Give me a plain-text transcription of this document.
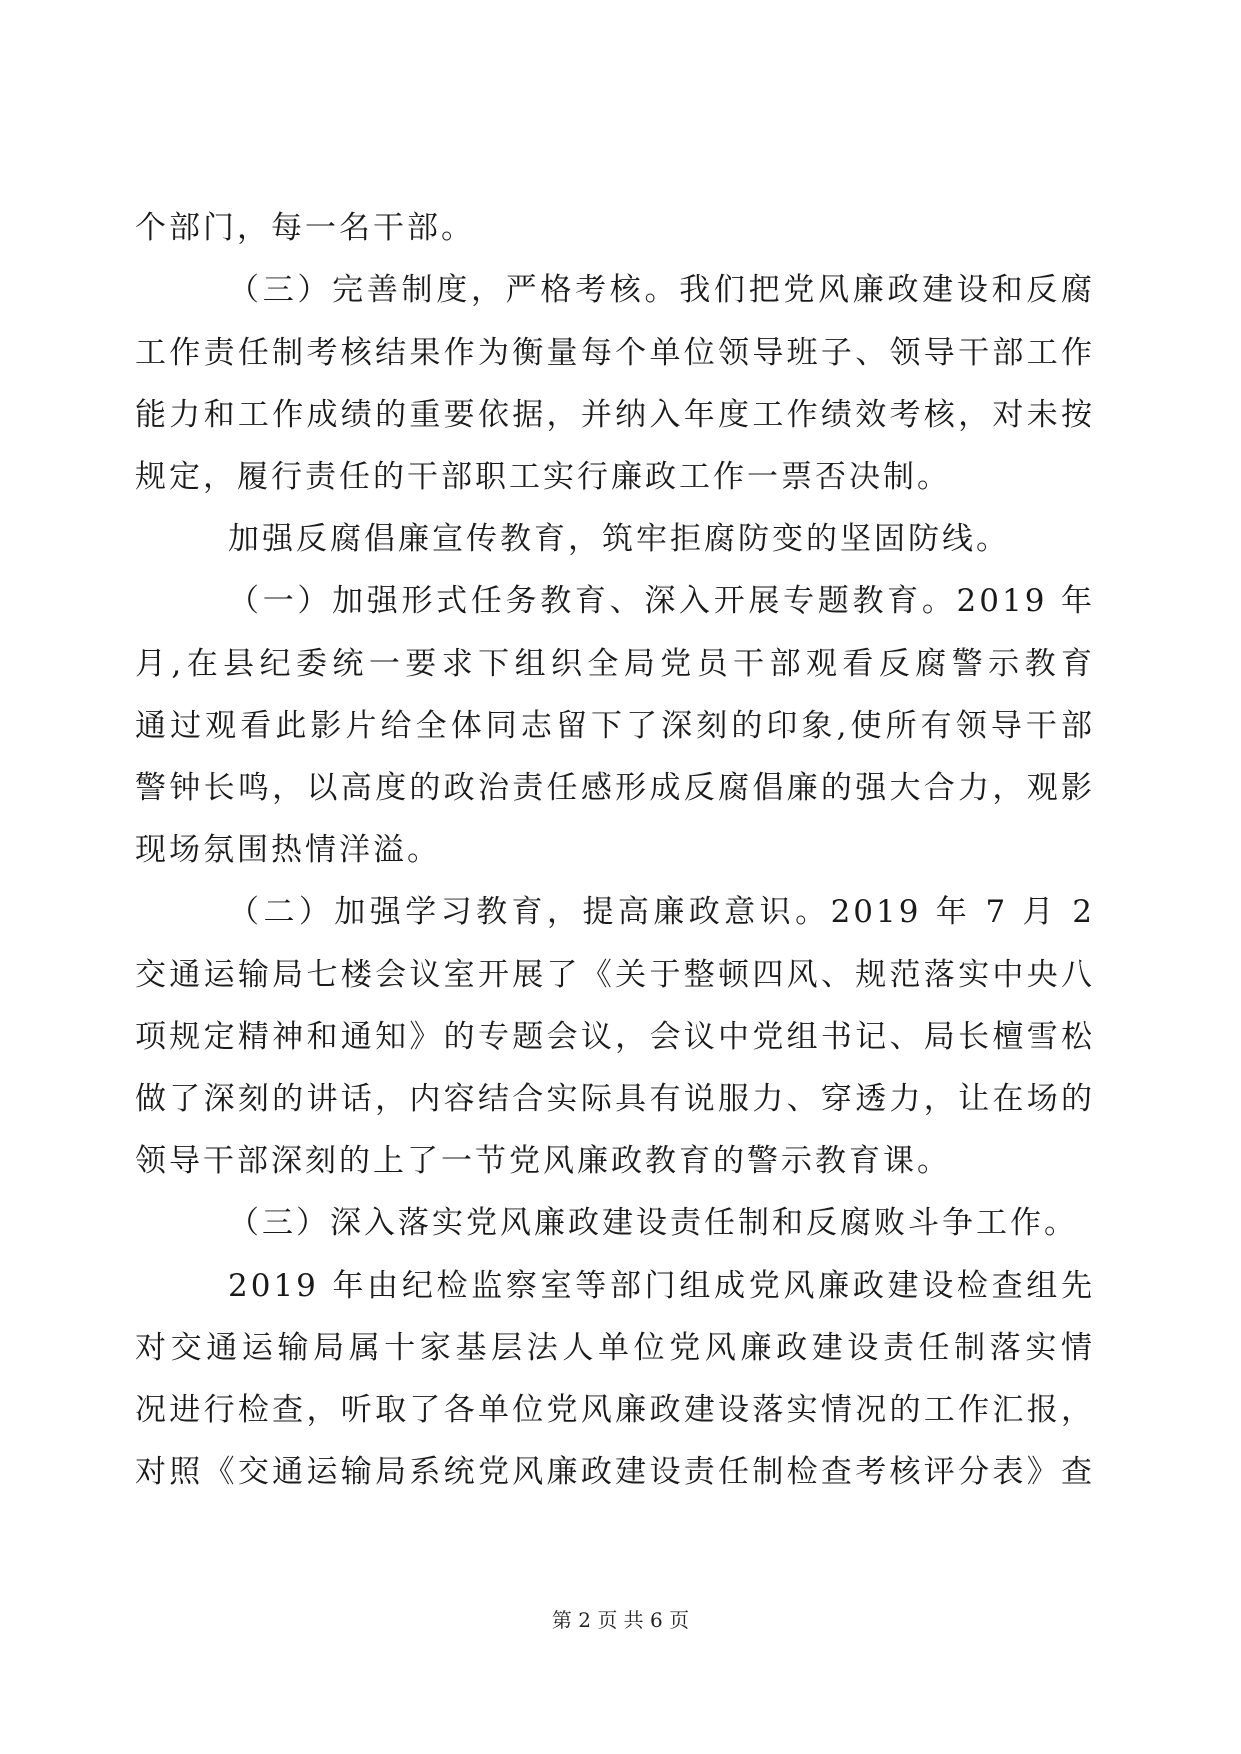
个部门，每一名干部。
（三）完善制度，严格考核。我们把党风廉政建设和反腐
工作责任制考核结果作为衡量每个单位领导班子、领导干部工作
能力和工作成绩的重要依据，并纳入年度工作绩效考核，对未按
规定，履行责任的干部职工实行廉政工作一票否决制。
加强反腐倡廉宣传教育，筑牢拒腐防变的坚固防线。
（一）加强形式任务教育、深入开展专题教育。2019 年
月,在县纪委统一要求下组织全局党员干部观看反腐警示教育
通过观看此影片给全体同志留下了深刻的印象,使所有领导干部
警钟长鸣，以高度的政治责任感形成反腐倡廉的强大合力，观影
现场氛围热情洋溢。
（二）加强学习教育，提高廉政意识。2019 年 7 月 2
交通运输局七楼会议室开展了《关于整顿四风、规范落实中央八
项规定精神和通知》的专题会议，会议中党组书记、局长檀雪松
做了深刻的讲话，内容结合实际具有说服力、穿透力，让在场的
领导干部深刻的上了一节党风廉政教育的警示教育课。
（三）深入落实党风廉政建设责任制和反腐败斗争工作。
2019 年由纪检监察室等部门组成党风廉政建设检查组先
对交通运输局属十家基层法人单位党风廉政建设责任制落实情
况进行检查，听取了各单位党风廉政建设落实情况的工作汇报，
对照《交通运输局系统党风廉政建设责任制检查考核评分表》查
第 2 页 共 6 页
